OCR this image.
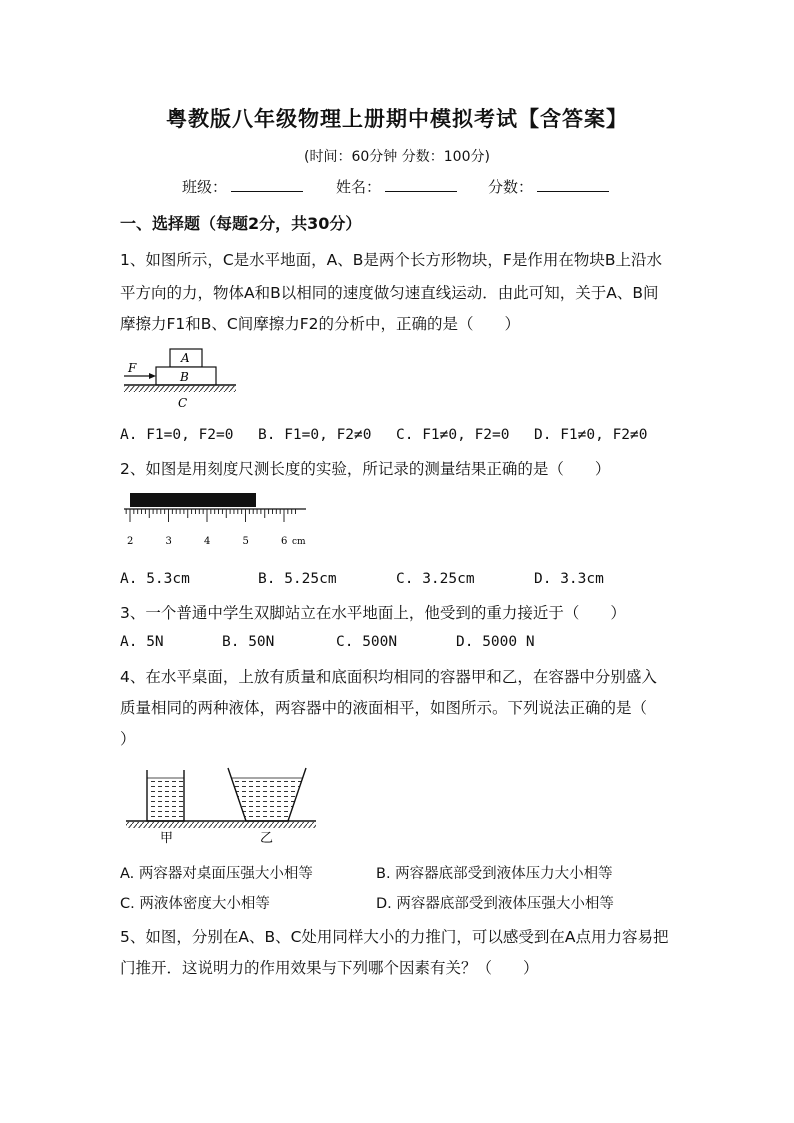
粤教版八年级物理上册期中模拟考试【含答案】
(时间：60分钟 分数：100分)
班级：	姓名：	分数：
一、选择题（每题2分，共30分）
1、如图所示，C是水平地面，A、B是两个长方形物块，F是作用在物块B上沿水
平方向的力，物体A和B以相同的速度做匀速直线运动．由此可知，关于A、B间
摩擦力F1和B、C间摩擦力F2的分析中，正确的是（　　）
A
B
C
F
A. F1=0, F2=0 B. F1=0, F2≠0 C. F1≠0, F2=0 D. F1≠0, F2≠0
2、如图是用刻度尺测长度的实验，所记录的测量结果正确的是（　　）
2	3	4	5	6 cm
A. 5.3cm	B. 5.25cm	C. 3.25cm	D. 3.3cm
3、一个普通中学生双脚站立在水平地面上，他受到的重力接近于（　　）
A. 5N	B. 50N	C. 500N	D. 5000 N
4、在水平桌面，上放有质量和底面积均相同的容器甲和乙，在容器中分别盛入
质量相同的两种液体，两容器中的液面相平，如图所示。下列说法正确的是（
）
甲	乙
A. 两容器对桌面压强大小相等	B. 两容器底部受到液体压力大小相等
C. 两液体密度大小相等	D. 两容器底部受到液体压强大小相等
5、如图，分别在A、B、C处用同样大小的力推门，可以感受到在A点用力容易把
门推开．这说明力的作用效果与下列哪个因素有关？（　　）
